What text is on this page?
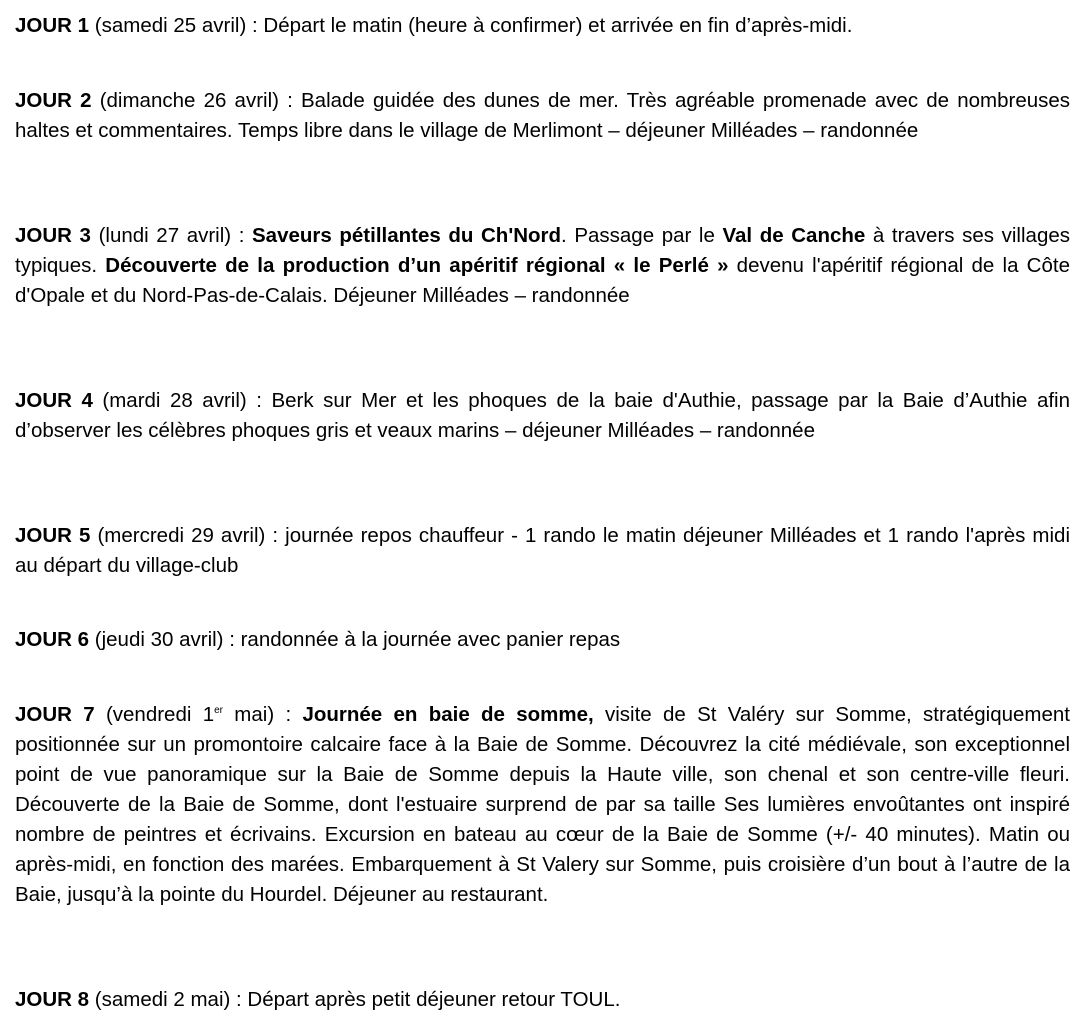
JOUR 1 (samedi 25 avril) : Départ le matin (heure à confirmer) et arrivée en fin d’après-midi.

JOUR 2 (dimanche 26 avril) : Balade guidée des dunes de mer. Très agréable promenade avec de nombreuses haltes et commentaires. Temps libre dans le village de Merlimont – déjeuner Milléades – randonnée

JOUR 3 (lundi 27 avril) : Saveurs pétillantes du Ch'Nord. Passage par le Val de Canche à travers ses villages typiques. Découverte de la production d’un apéritif régional « le Perlé » devenu l'apéritif régional de la Côte d'Opale et du Nord-Pas-de-Calais. Déjeuner Milléades – randonnée

JOUR 4 (mardi 28 avril) : Berk sur Mer et les phoques de la baie d'Authie, passage par la Baie d’Authie afin d’observer les célèbres phoques gris et veaux marins – déjeuner Milléades – randonnée

JOUR 5 (mercredi 29 avril) : journée repos chauffeur - 1 rando le matin déjeuner Milléades et 1 rando l'après midi au départ du village-club

JOUR 6 (jeudi 30 avril) : randonnée à la journée avec panier repas

JOUR 7 (vendredi 1er mai) : Journée en baie de somme, visite de St Valéry sur Somme, stratégiquement positionnée sur un promontoire calcaire face à la Baie de Somme. Découvrez la cité médiévale, son exceptionnel point de vue panoramique sur la Baie de Somme depuis la Haute ville, son chenal et son centre-ville fleuri. Découverte de la Baie de Somme, dont l'estuaire surprend de par sa taille Ses lumières envoûtantes ont inspiré nombre de peintres et écrivains. Excursion en bateau au cœur de la Baie de Somme (+/- 40 minutes). Matin ou après-midi, en fonction des marées. Embarquement à St Valery sur Somme, puis croisière d’un bout à l’autre de la Baie, jusqu’à la pointe du Hourdel. Déjeuner au restaurant.

JOUR 8 (samedi 2 mai) : Départ après petit déjeuner retour TOUL.
